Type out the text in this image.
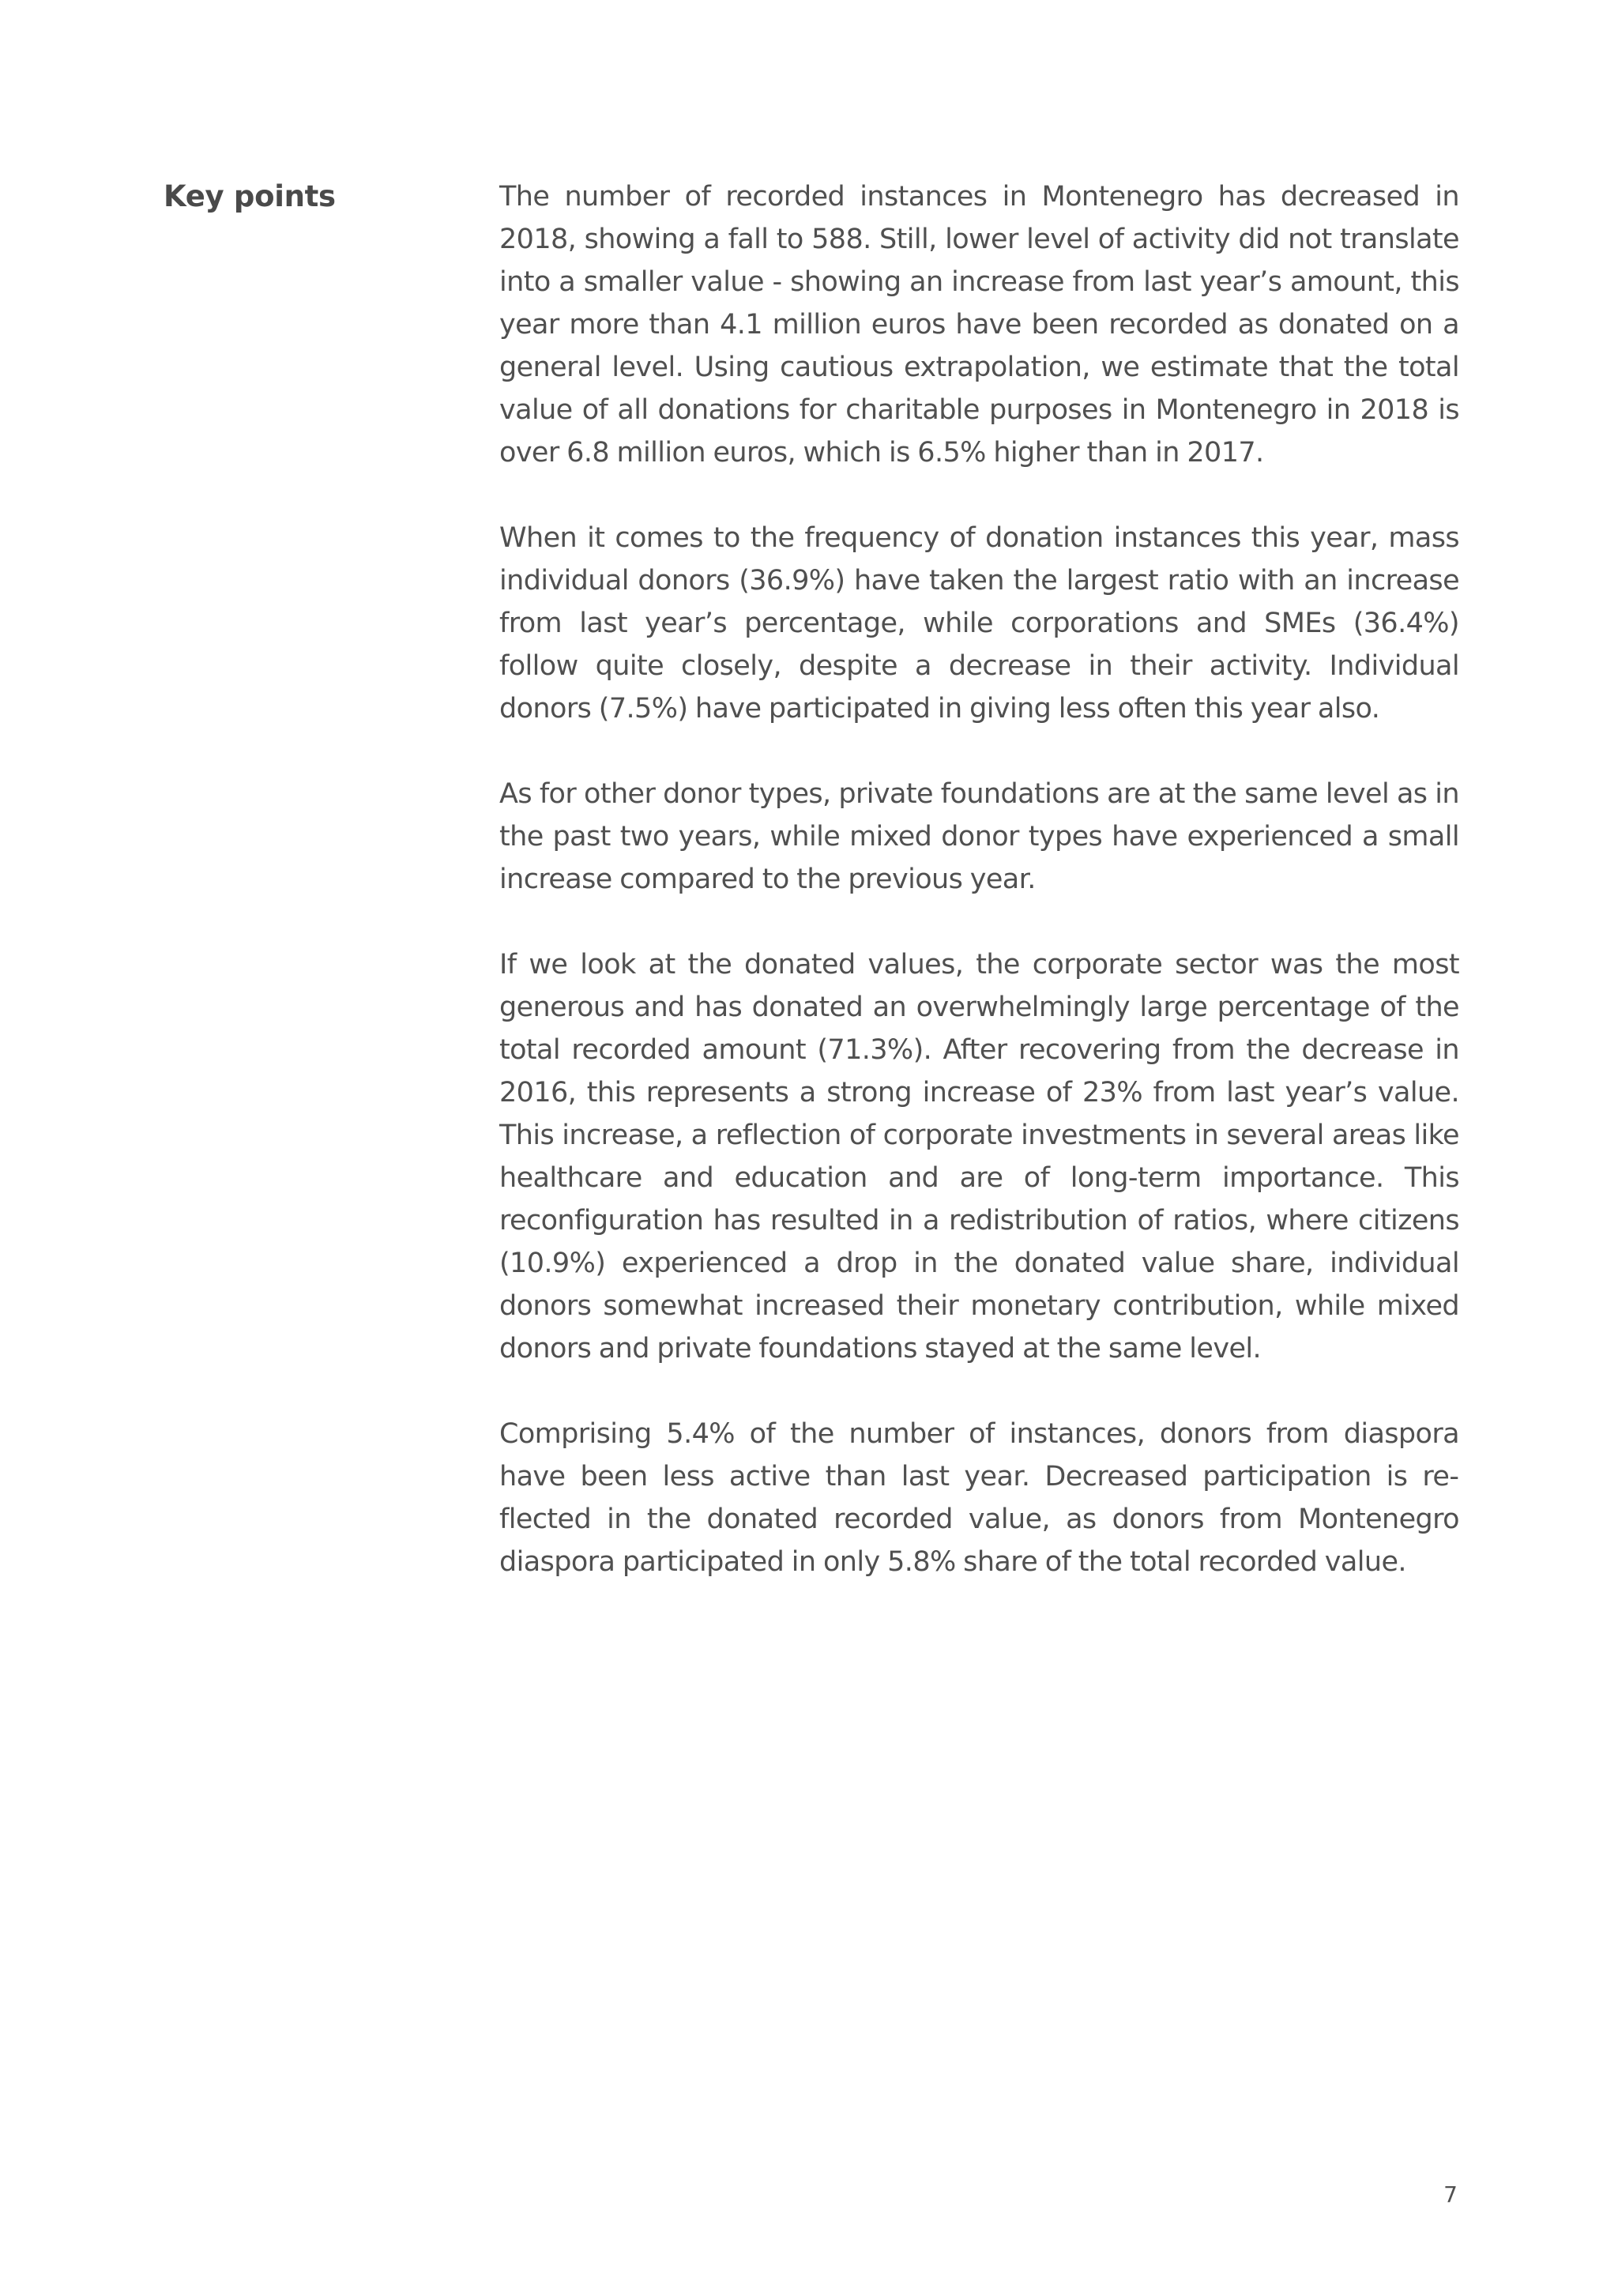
Key points	The number of recorded instances in Montenegro has decreased in 2018, showing a fall to 588. Still, lower level of activity did not translate into a smaller value - showing an increase from last year’s amount, this year more than 4.1 million euros have been recorded as donated on a general level. Using cautious extrapolation, we estimate that the total value of all donations for charitable purposes in Montenegro in 2018 is over 6.8 million euros, which is 6.5% higher than in 2017.

When it comes to the frequency of donation instances this year, mass individual donors (36.9%) have taken the largest ratio with an increase from last year’s percentage, while corporations and SMEs (36.4%) follow quite closely, despite a decrease in their activity. Individual donors (7.5%) have participated in giving less often this year also.

As for other donor types, private foundations are at the same level as in the past two years, while mixed donor types have experienced a small increase compared to the previous year.

If we look at the donated values, the corporate sector was the most generous and has donated an overwhelmingly large percentage of the total recorded amount (71.3%). After recovering from the decrease in 2016, this represents a strong increase of 23% from last year’s value. This increase, a reflection of corporate investments in several areas like healthcare and education and are of long-term importance. This reconfiguration has resulted in a redistribution of ratios, where citizens (10.9%) experienced a drop in the donated value share, individual donors somewhat increased their monetary contribution, while mixed donors and private foundations stayed at the same level.

Comprising 5.4% of the number of instances, donors from diaspora have been less active than last year. Decreased participation is reflected in the donated recorded value, as donors from Montenegro diaspora participated in only 5.8% share of the total recorded value.

7
